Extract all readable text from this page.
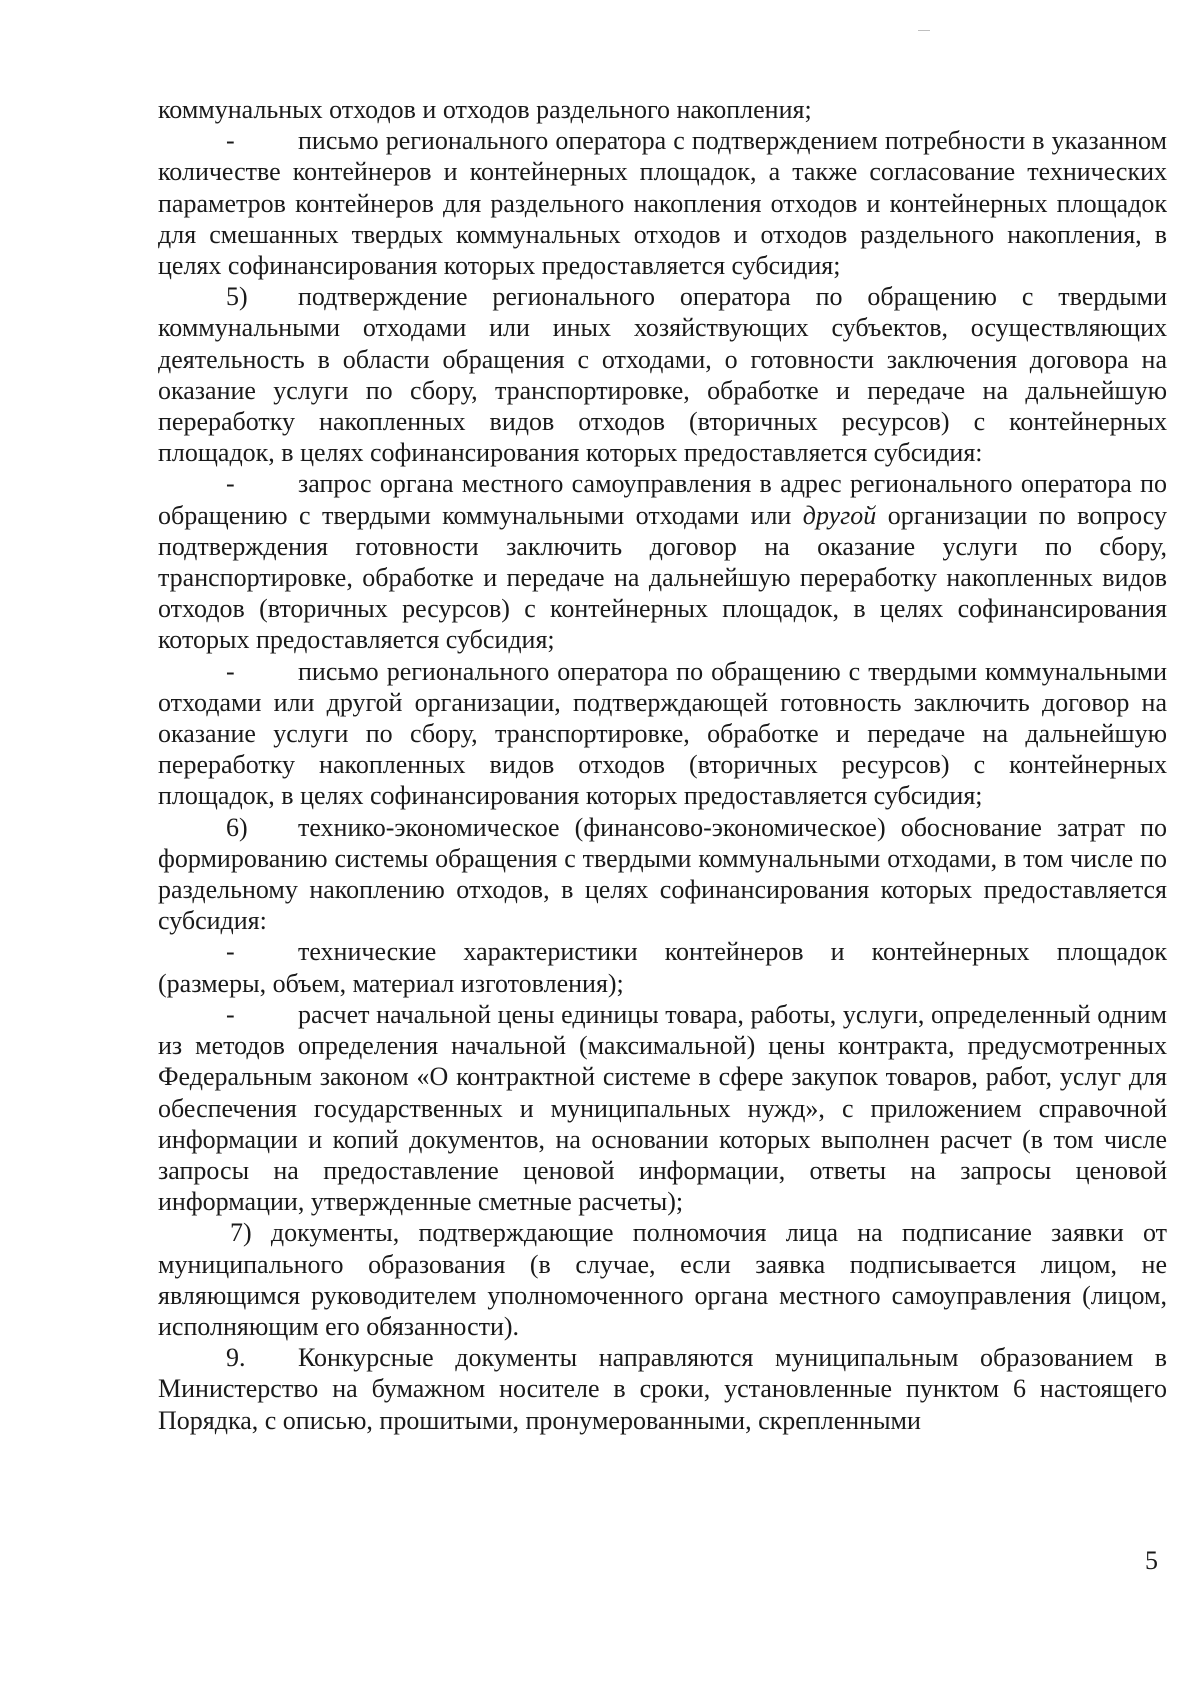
коммунальных отходов и отходов раздельного накопления;

- письмо регионального оператора с подтверждением потребности в указанном количестве контейнеров и контейнерных площадок, а также согласование технических параметров контейнеров для раздельного накопления отходов и контейнерных площадок для смешанных твердых коммунальных отходов и отходов раздельного накопления, в целях софинансирования которых предоставляется субсидия;

5) подтверждение регионального оператора по обращению с твердыми коммунальными отходами или иных хозяйствующих субъектов, осуществляющих деятельность в области обращения с отходами, о готовности заключения договора на оказание услуги по сбору, транспортировке, обработке и передаче на дальнейшую переработку накопленных видов отходов (вторичных ресурсов) с контейнерных площадок, в целях софинансирования которых предоставляется субсидия:

- запрос органа местного самоуправления в адрес регионального оператора по обращению с твердыми коммунальными отходами или другой организации по вопросу подтверждения готовности заключить договор на оказание услуги по сбору, транспортировке, обработке и передаче на дальнейшую переработку накопленных видов отходов (вторичных ресурсов) с контейнерных площадок, в целях софинансирования которых предоставляется субсидия;

- письмо регионального оператора по обращению с твердыми коммунальными отходами или другой организации, подтверждающей готовность заключить договор на оказание услуги по сбору, транспортировке, обработке и передаче на дальнейшую переработку накопленных видов отходов (вторичных ресурсов) с контейнерных площадок, в целях софинансирования которых предоставляется субсидия;

6) технико-экономическое (финансово-экономическое) обоснование затрат по формированию системы обращения с твердыми коммунальными отходами, в том числе по раздельному накоплению отходов, в целях софинансирования которых предоставляется субсидия:

- технические характеристики контейнеров и контейнерных площадок (размеры, объем, материал изготовления);

- расчет начальной цены единицы товара, работы, услуги, определенный одним из методов определения начальной (максимальной) цены контракта, предусмотренных Федеральным законом «О контрактной системе в сфере закупок товаров, работ, услуг для обеспечения государственных и муниципальных нужд», с приложением справочной информации и копий документов, на основании которых выполнен расчет (в том числе запросы на предоставление ценовой информации, ответы на запросы ценовой информации, утвержденные сметные расчеты);

7) документы, подтверждающие полномочия лица на подписание заявки от муниципального образования (в случае, если заявка подписывается лицом, не являющимся руководителем уполномоченного органа местного самоуправления (лицом, исполняющим его обязанности).

9. Конкурсные документы направляются муниципальным образованием в Министерство на бумажном носителе в сроки, установленные пунктом 6 настоящего Порядка, с описью, прошитыми, пронумерованными, скрепленными

5
